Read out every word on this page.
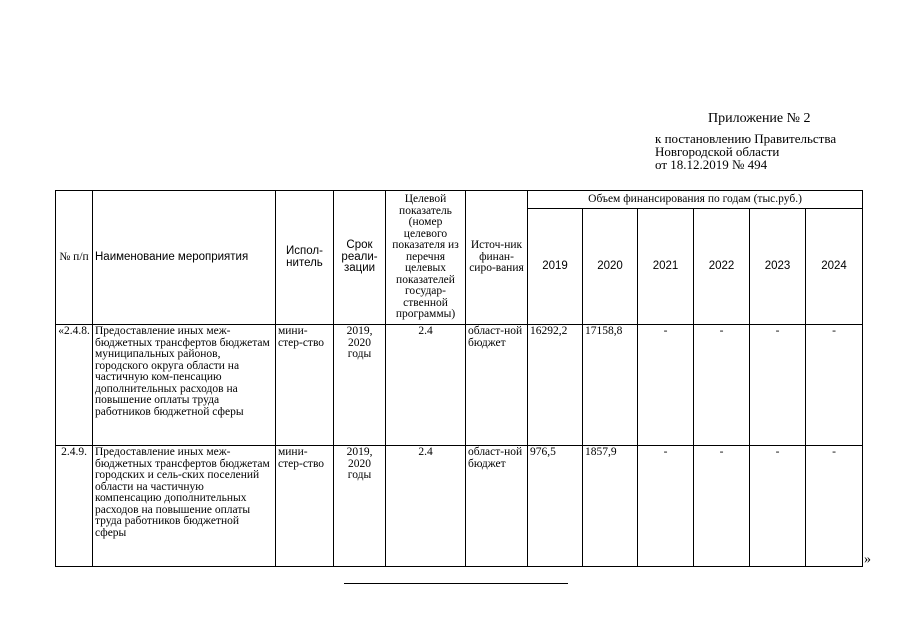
Приложение № 2
к постановлению Правительства
Новгородской области
от 18.12.2019 № 494
№ п/п	Наименование мероприятия	Испол-нитель	Срок реали-зации	Целевой показатель (номер целевого показателя из перечня целевых показателей государ-ственной программы)	Источ-ник финан-сиро-вания	Объем финансирования по годам (тыс.руб.)					
						2019	2020	2021	2022	2023	2024
«2.4.8.	Предоставление иных меж-бюджетных трансфертов бюджетам муниципальных районов, городского округа области на частичную ком-пенсацию дополнительных расходов на повышение оплаты труда работников бюджетной сферы	мини-стер-ство	2019, 2020 годы	2.4	област-ной бюджет	16292,2	17158,8	-	-	-	-
2.4.9.	Предоставление иных меж-бюджетных трансфертов бюджетам городских и сель-ских поселений области на частичную компенсацию дополнительных расходов на повышение оплаты труда работников бюджетной сферы	мини-стер-ство	2019, 2020 годы	2.4	област-ной бюджет	976,5	1857,9	-	-	-	-
»
